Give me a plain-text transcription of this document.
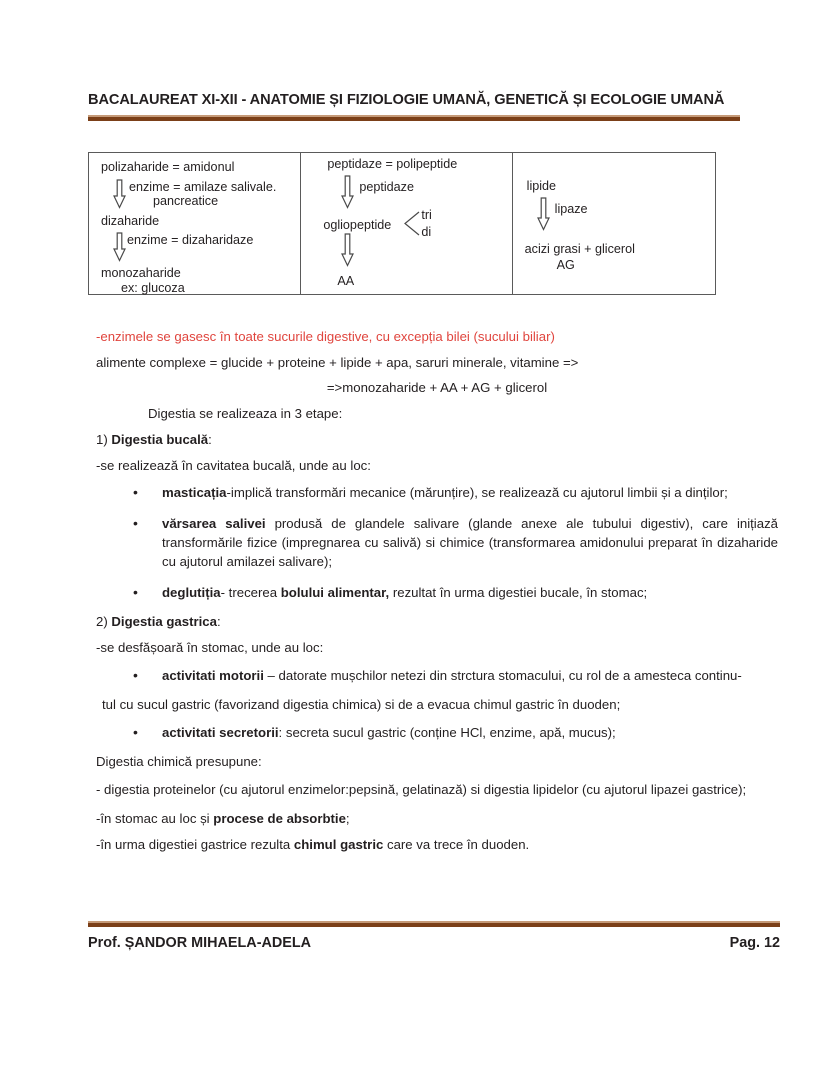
BACALAUREAT XI-XII - ANATOMIE ȘI FIZIOLOGIE UMANĂ, GENETICĂ ȘI ECOLOGIE UMANĂ
polizaharide = amidonul
enzime = amilaze salivale.
pancreatice
dizaharide
enzime = dizaharidaze
monozaharide
ex: glucoza
peptidaze = polipeptide
peptidaze
ogliopeptide
tri
di
AA
lipide
lipaze
acizi grasi + glicerol
AG

-enzimele se gasesc în toate sucurile digestive, cu excepția bilei (sucului biliar)

alimente complexe = glucide + proteine + lipide + apa, saruri minerale, vitamine =>

=>monozaharide + AA + AG + glicerol

Digestia se realizeaza in 3 etape:

1) Digestia bucală:

-se realizează în cavitatea bucală, unde au loc:

• masticația-implică transformări mecanice (mărunțire), se realizează cu ajutorul limbii și a dinților;
• vărsarea salivei produsă de glandele salivare (glande anexe ale tubului digestiv), care inițiază transformările fizice (impregnarea cu salivă) si chimice (transformarea amidonului preparat în dizaharide cu ajutorul amilazei salivare);
• deglutiția- trecerea bolului alimentar, rezultat în urma digestiei bucale, în stomac;

2) Digestia gastrica:

-se desfășoară în stomac, unde au loc:

• activitati motorii – datorate mușchilor netezi din strctura stomacului, cu rol de a amesteca continu-

tul cu sucul gastric (favorizand digestia chimica) si de a evacua chimul gastric în duoden;

• activitati secretorii: secreta sucul gastric (conține HCl, enzime, apă, mucus);

Digestia chimică presupune:

- digestia proteinelor (cu ajutorul enzimelor:pepsină, gelatinază) si digestia lipidelor (cu ajutorul lipazei gastrice);

-în stomac au loc și procese de absorbtie;

-în urma digestiei gastrice rezulta chimul gastric care va trece în duoden.

Prof. ȘANDOR MIHAELA-ADELA	Pag. 12
